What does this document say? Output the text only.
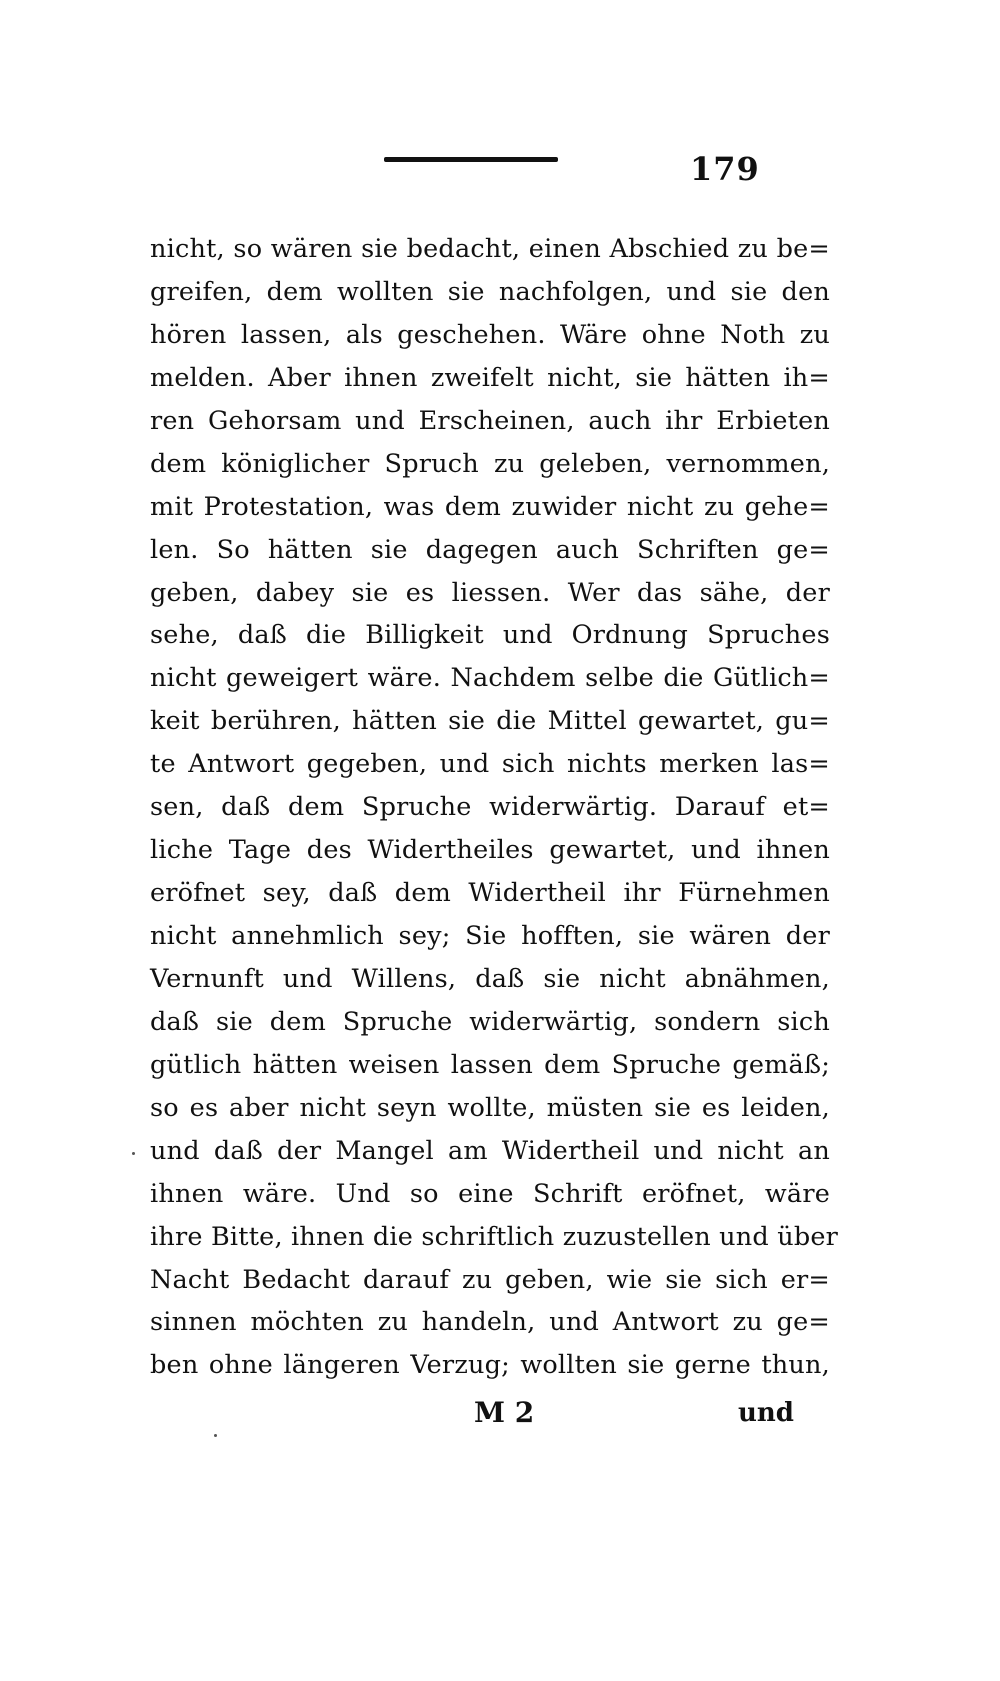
179
nicht, so wären sie bedacht, einen Abschied zu be=
greifen, dem wollten sie nachfolgen, und sie den
hören lassen, als geschehen. Wäre ohne Noth zu
melden. Aber ihnen zweifelt nicht, sie hätten ih=
ren Gehorsam und Erscheinen, auch ihr Erbieten
dem königlicher Spruch zu geleben, vernommen,
mit Protestation, was dem zuwider nicht zu gehe=
len. So hätten sie dagegen auch Schriften ge=
geben, dabey sie es liessen. Wer das sähe, der
sehe, daß die Billigkeit und Ordnung Spruches
nicht geweigert wäre. Nachdem selbe die Gütlich=
keit berühren, hätten sie die Mittel gewartet, gu=
te Antwort gegeben, und sich nichts merken las=
sen, daß dem Spruche widerwärtig. Darauf et=
liche Tage des Widertheiles gewartet, und ihnen
eröfnet sey, daß dem Widertheil ihr Fürnehmen
nicht annehmlich sey; Sie hofften, sie wären der
Vernunft und Willens, daß sie nicht abnähmen,
daß sie dem Spruche widerwärtig, sondern sich
gütlich hätten weisen lassen dem Spruche gemäß;
so es aber nicht seyn wollte, müsten sie es leiden,
und daß der Mangel am Widertheil und nicht an
ihnen wäre. Und so eine Schrift eröfnet, wäre
ihre Bitte, ihnen die schriftlich zuzustellen und über
Nacht Bedacht darauf zu geben, wie sie sich er=
sinnen möchten zu handeln, und Antwort zu ge=
ben ohne längeren Verzug; wollten sie gerne thun,
M 2	und
